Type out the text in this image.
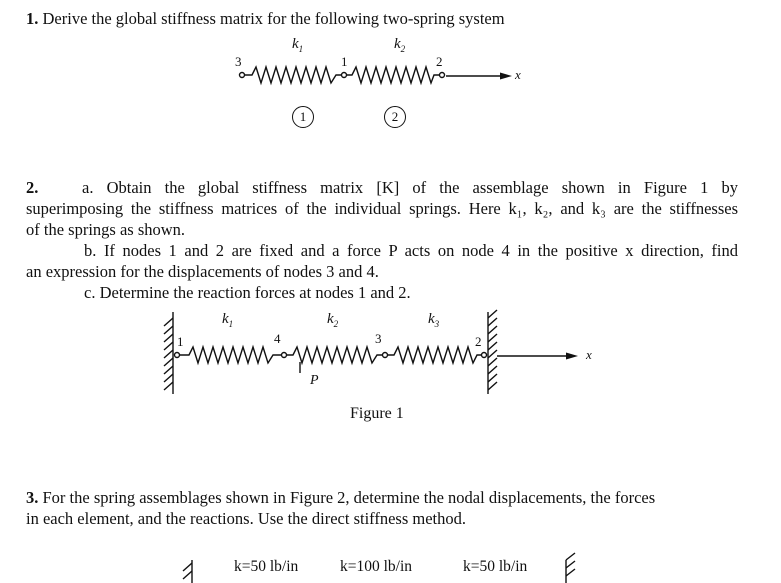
1. Derive the global stiffness matrix for the following two-spring system
$k_1$	$k_2$
3	1	2
x
1	2
2.	a. Obtain the global stiffness matrix [K] of the assemblage shown in Figure 1 by
superimposing the stiffness matrices of the individual springs. Here k₁, k₂, and k₃ are the stiffnesses
of the springs as shown.
b. If nodes 1 and 2 are fixed and a force P acts on node 4 in the positive x direction, find
an expression for the displacements of nodes 3 and 4.
c. Determine the reaction forces at nodes 1 and 2.
$k_1$	$k_2$	$k_3$
1	4	3	2
P
x
Figure 1
3. For the spring assemblages shown in Figure 2, determine the nodal displacements, the forces
in each element, and the reactions. Use the direct stiffness method.
k=50 lb/in	k=100 lb/in	k=50 lb/in
